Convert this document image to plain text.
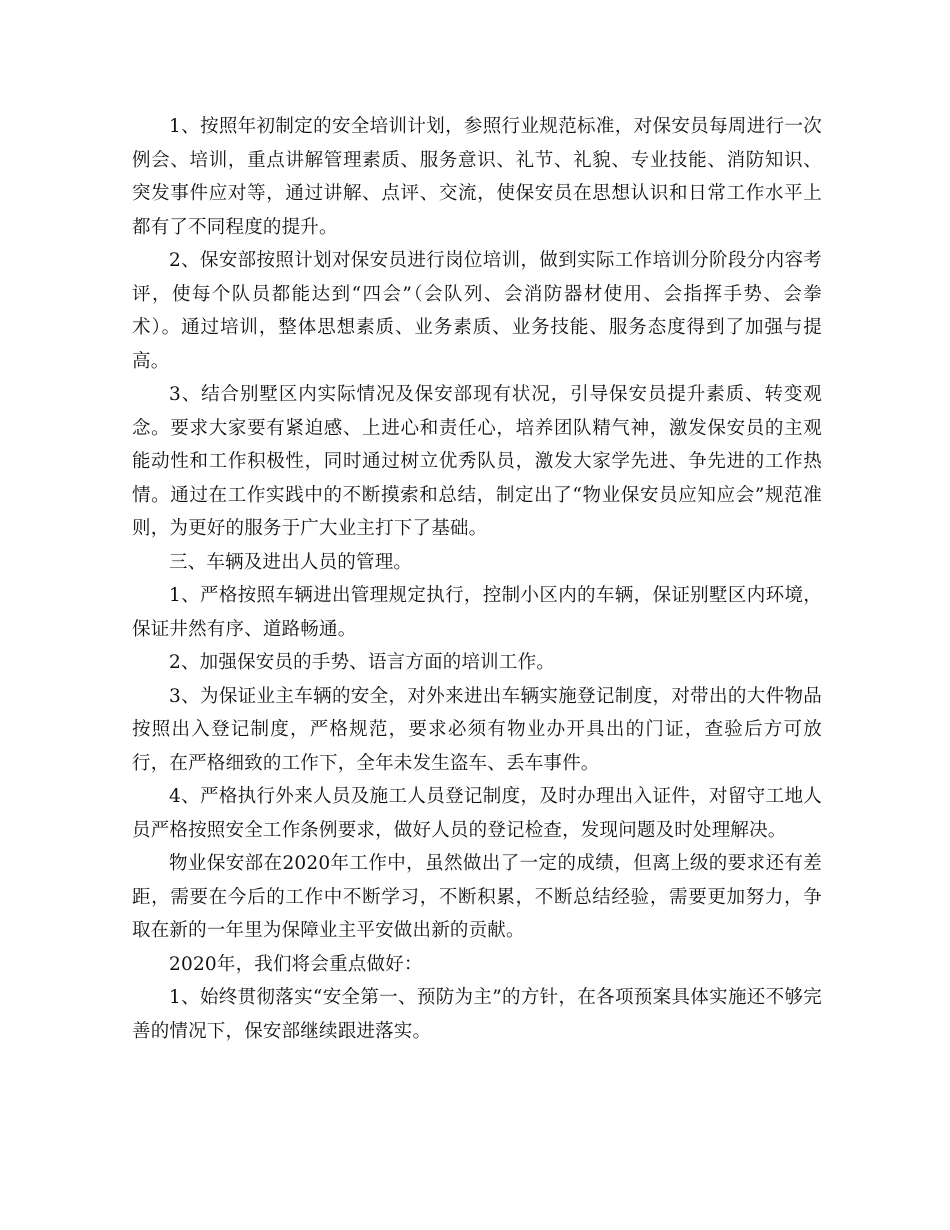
1、按照年初制定的安全培训计划，参照行业规范标准，对保安员每周进行一次例会、培训，重点讲解管理素质、服务意识、礼节、礼貌、专业技能、消防知识、突发事件应对等，通过讲解、点评、交流，使保安员在思想认识和日常工作水平上都有了不同程度的提升。

2、保安部按照计划对保安员进行岗位培训，做到实际工作培训分阶段分内容考评，使每个队员都能达到“四会”（会队列、会消防器材使用、会指挥手势、会拳术）。通过培训，整体思想素质、业务素质、业务技能、服务态度得到了加强与提高。

3、结合别墅区内实际情况及保安部现有状况，引导保安员提升素质、转变观念。要求大家要有紧迫感、上进心和责任心，培养团队精气神，激发保安员的主观能动性和工作积极性，同时通过树立优秀队员，激发大家学先进、争先进的工作热情。通过在工作实践中的不断摸索和总结，制定出了“物业保安员应知应会”规范准则，为更好的服务于广大业主打下了基础。

三、车辆及进出人员的管理。

1、严格按照车辆进出管理规定执行，控制小区内的车辆，保证别墅区内环境，保证井然有序、道路畅通。

2、加强保安员的手势、语言方面的培训工作。

3、为保证业主车辆的安全，对外来进出车辆实施登记制度，对带出的大件物品按照出入登记制度，严格规范，要求必须有物业办开具出的门证，查验后方可放行，在严格细致的工作下，全年未发生盗车、丢车事件。

4、严格执行外来人员及施工人员登记制度，及时办理出入证件，对留守工地人员严格按照安全工作条例要求，做好人员的登记检查，发现问题及时处理解决。

物业保安部在2020年工作中，虽然做出了一定的成绩，但离上级的要求还有差距，需要在今后的工作中不断学习，不断积累，不断总结经验，需要更加努力，争取在新的一年里为保障业主平安做出新的贡献。

2020年，我们将会重点做好：

1、始终贯彻落实“安全第一、预防为主”的方针，在各项预案具体实施还不够完善的情况下，保安部继续跟进落实。
